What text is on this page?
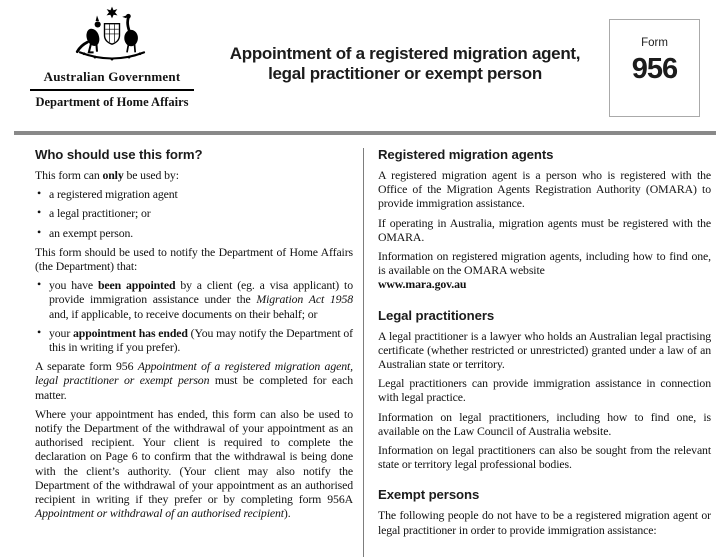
Australian Government
Department of Home Affairs
Appointment of a registered migration agent,
legal practitioner or exempt person
Form
956
Who should use this form?

This form can only be used by:

• a registered migration agent
• a legal practitioner; or
• an exempt person.

This form should be used to notify the Department of Home Affairs (the Department) that:

• you have been appointed by a client (eg. a visa applicant) to provide immigration assistance under the Migration Act 1958 and, if applicable, to receive documents on their behalf; or
• your appointment has ended (You may notify the Department of this in writing if you prefer).

A separate form 956 Appointment of a registered migration agent, legal practitioner or exempt person must be completed for each matter.

Where your appointment has ended, this form can also be used to notify the Department of the withdrawal of your appointment as an authorised recipient. Your client is required to complete the declaration on Page 6 to confirm that the withdrawal is being done with the client’s authority. (Your client may also notify the Department of the withdrawal of your appointment as an authorised recipient in writing if they prefer or by completing form 956A Appointment or withdrawal of an authorised recipient).

Registered migration agents

A registered migration agent is a person who is registered with the Office of the Migration Agents Registration Authority (OMARA) to provide immigration assistance.

If operating in Australia, migration agents must be registered with the OMARA.

Information on registered migration agents, including how to find one, is available on the OMARA website
www.mara.gov.au

Legal practitioners

A legal practitioner is a lawyer who holds an Australian legal practising certificate (whether restricted or unrestricted) granted under a law of an Australian state or territory.

Legal practitioners can provide immigration assistance in connection with legal practice.

Information on legal practitioners, including how to find one, is available on the Law Council of Australia website.

Information on legal practitioners can also be sought from the relevant state or territory legal professional bodies.

Exempt persons

The following people do not have to be a registered migration agent or legal practitioner in order to provide immigration assistance:
